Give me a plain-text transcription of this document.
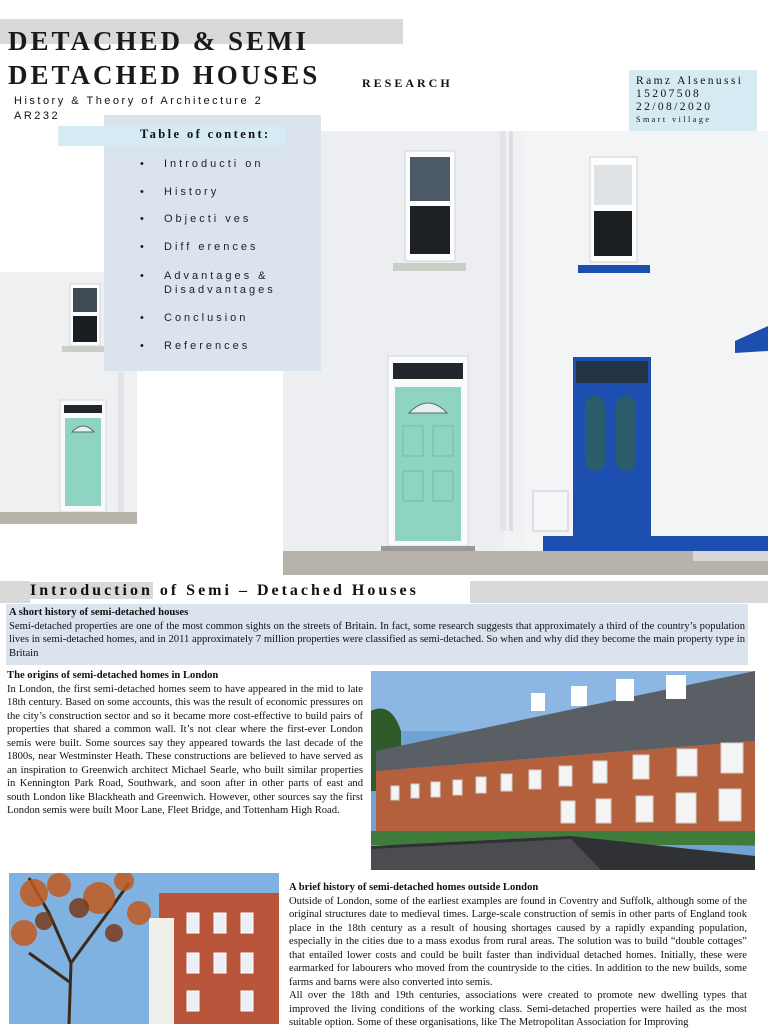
DETACHED & SEMI
DETACHED HOUSES	RESEARCH
History & Theory of Architecture 2
AR232
Ramz Alsenussi
15207508
22/08/2020
Smart village
Table of content:
• Introducti on
• History
• Objecti ves
• Diff erences
• Advantages &
Disadvantages
• Conclusion
• References
Introduction of Semi – Detached Houses
A short history of semi-detached houses
Semi-detached properties are one of the most common sights on the streets of Britain. In fact, some research suggests that approximately a third of the country’s population lives in semi-detached homes, and in 2011 approximately 7 million properties were classified as semi-detached. So when and why did they become the main property type in Britain
The origins of semi-detached homes in London
In London, the first semi-detached homes seem to have appeared in the mid to late 18th century. Based on some accounts, this was the result of economic pressures on the city’s construction sector and so it became more cost-effective to build pairs of properties that shared a common wall. It’s not clear where the first-ever London semis were built. Some sources say they appeared towards the last decade of the 1800s, near Westminster Heath. These constructions are believed to have served as an inspiration to Greenwich architect Michael Searle, who built similar properties in Kennington Park Road, Southwark, and soon after in other parts of east and south London like Blackheath and Greenwich. However, other sources say the first London semis were built Moor Lane, Fleet Bridge, and Tottenham High Road.
A brief history of semi-detached homes outside London
Outside of London, some of the earliest examples are found in Coventry and Suffolk, although some of the original structures date to medieval times. Large-scale construction of semis in other parts of England took place in the 18th century as a result of housing shortages caused by a rapidly expanding population, especially in the cities due to a mass exodus from rural areas. The solution was to build “double cottages” that entailed lower costs and could be built faster than individual detached homes. Initially, these were earmarked for labourers who moved from the countryside to the cities. In addition to the new builds, some farms and barns were also converted into semis.
All over the 18th and 19th centuries, associations were created to promote new dwelling types that improved the living conditions of the working class. Semi-detached properties were hailed as the most suitable option. Some of these organisations, like The Metropolitan Association for Improving
